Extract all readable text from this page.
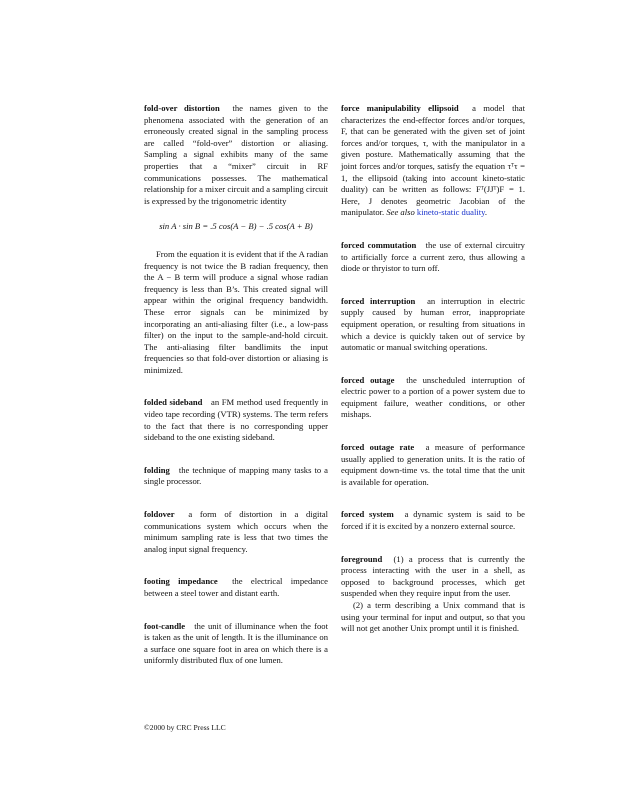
fold-over distortion the names given to the phenomena associated with the generation of an erroneously created signal in the sampling process are called “fold-over” distortion or aliasing. Sampling a signal exhibits many of the same properties that a “mixer” circuit in RF communications possesses. The mathematical relationship for a mixer circuit and a sampling circuit is expressed by the trigonometric identity

sin A · sin B = .5 cos(A − B) − .5 cos(A + B)

From the equation it is evident that if the A radian frequency is not twice the B radian frequency, then the A − B term will produce a signal whose radian frequency is less than B’s. This created signal will appear within the original frequency bandwidth. These error signals can be minimized by incorporating an anti-aliasing filter (i.e., a low-pass filter) on the input to the sample-and-hold circuit. The anti-aliasing filter bandlimits the input frequencies so that fold-over distortion or aliasing is minimized.

folded sideband an FM method used frequently in video tape recording (VTR) systems. The term refers to the fact that there is no corresponding upper sideband to the one existing sideband.
folding the technique of mapping many tasks to a single processor.
foldover a form of distortion in a digital communications system which occurs when the minimum sampling rate is less that two times the analog input signal frequency.
footing impedance the electrical impedance between a steel tower and distant earth.
foot-candle the unit of illuminance when the foot is taken as the unit of length. It is the illuminance on a surface one square foot in area on which there is a uniformly distributed flux of one lumen.
force manipulability ellipsoid a model that characterizes the end-effector forces and/or torques, F, that can be generated with the given set of joint forces and/or torques, τ, with the manipulator in a given posture. Mathematically assuming that the joint forces and/or torques, satisfy the equation τᵀτ = 1, the ellipsoid (taking into account kineto-static duality) can be written as follows: Fᵀ(JJᵀ)F = 1. Here, J denotes geometric Jacobian of the manipulator. See also kineto-static duality.
forced commutation the use of external circuitry to artificially force a current zero, thus allowing a diode or thryistor to turn off.
forced interruption an interruption in electric supply caused by human error, inappropriate equipment operation, or resulting from situations in which a device is quickly taken out of service by automatic or manual switching operations.
forced outage the unscheduled interruption of electric power to a portion of a power system due to equipment failure, weather conditions, or other mishaps.
forced outage rate a measure of performance usually applied to generation units. It is the ratio of equipment down-time vs. the total time that the unit is available for operation.
forced system a dynamic system is said to be forced if it is excited by a nonzero external source.
foreground (1) a process that is currently the process interacting with the user in a shell, as opposed to background processes, which get suspended when they require input from the user.

(2) a term describing a Unix command that is using your terminal for input and output, so that you will not get another Unix prompt until it is finished.

©2000 by CRC Press LLC
